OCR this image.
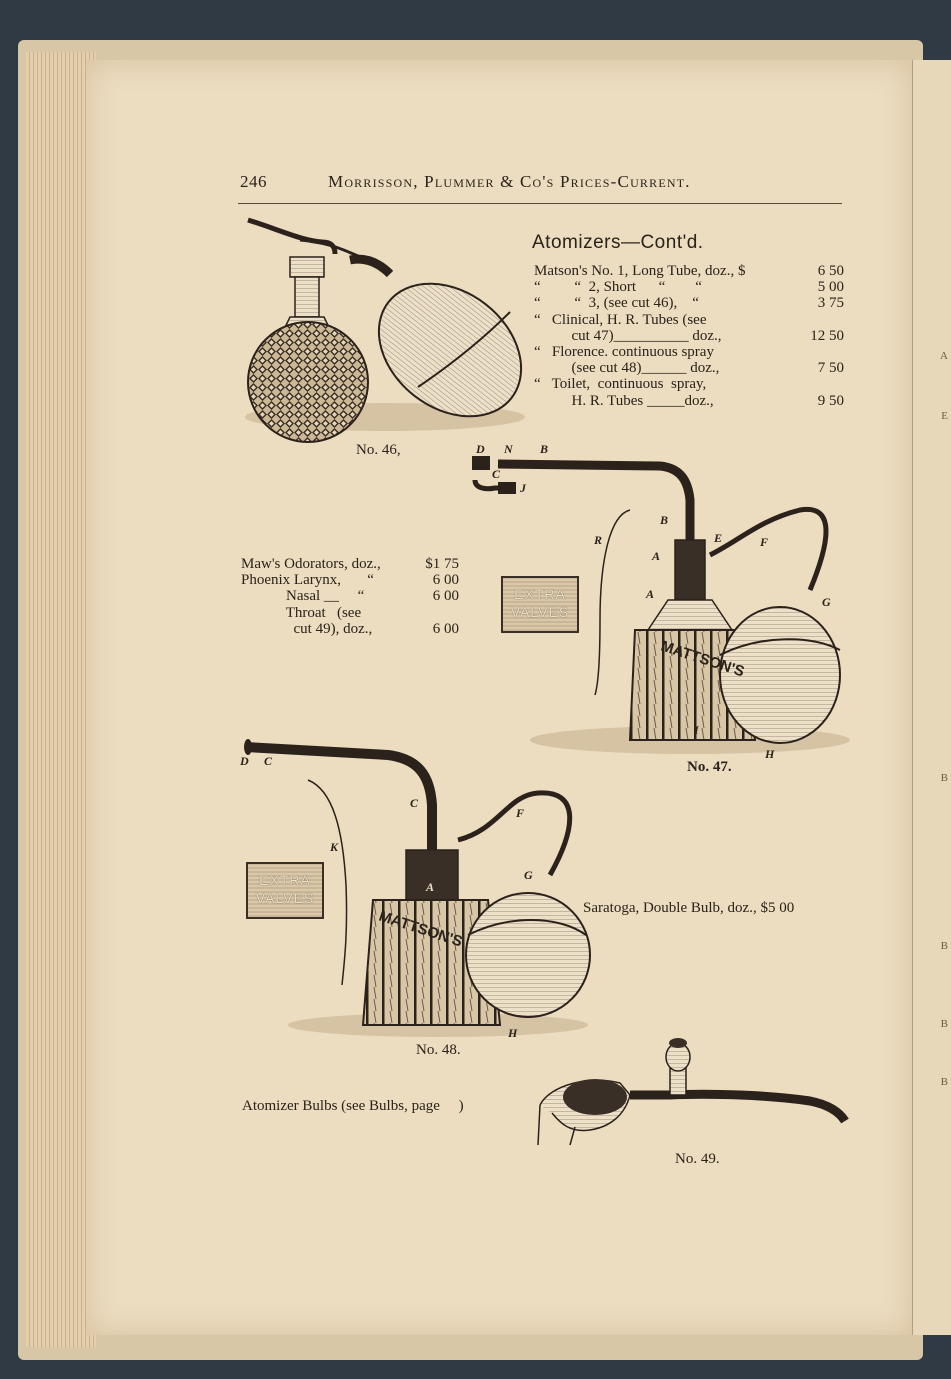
A
E
B
B
B
B
246	Morrisson, Plummer & Co's Prices-Current.
Atomizers—Cont'd.
Matson's No. 1, Long Tube, doz., $	6 50
“         “  2, Short      “        “	5 00
“         “  3, (see cut 46),    “	3 75
“   Clinical, H. R. Tubes (see
cut 47)__________ doz.,	12 50
“   Florence. continuous spray
(see cut 48)______ doz.,	7 50
“   Toilet,  continuous  spray,
H. R. Tubes _____doz.,	9 50
Maw's Odorators, doz.,	$1 75
Phoenix Larynx,       “	6 00
Nasal __     “	6 00
Throat   (see
cut 49), doz.,	6 00
Saratoga, Double Bulb, doz., $5 00
Atomizer Bulbs (see Bulbs, page     )
No. 46,
MATTSON'S
D N B
C
J
R
B
E	F
A
A
G
I
H
No. 47.
EXTRA
VALVES
MATTSON'S
D C
C
F
K
G
A
H
No. 48.
EXTRA
VALVES
No. 49.
